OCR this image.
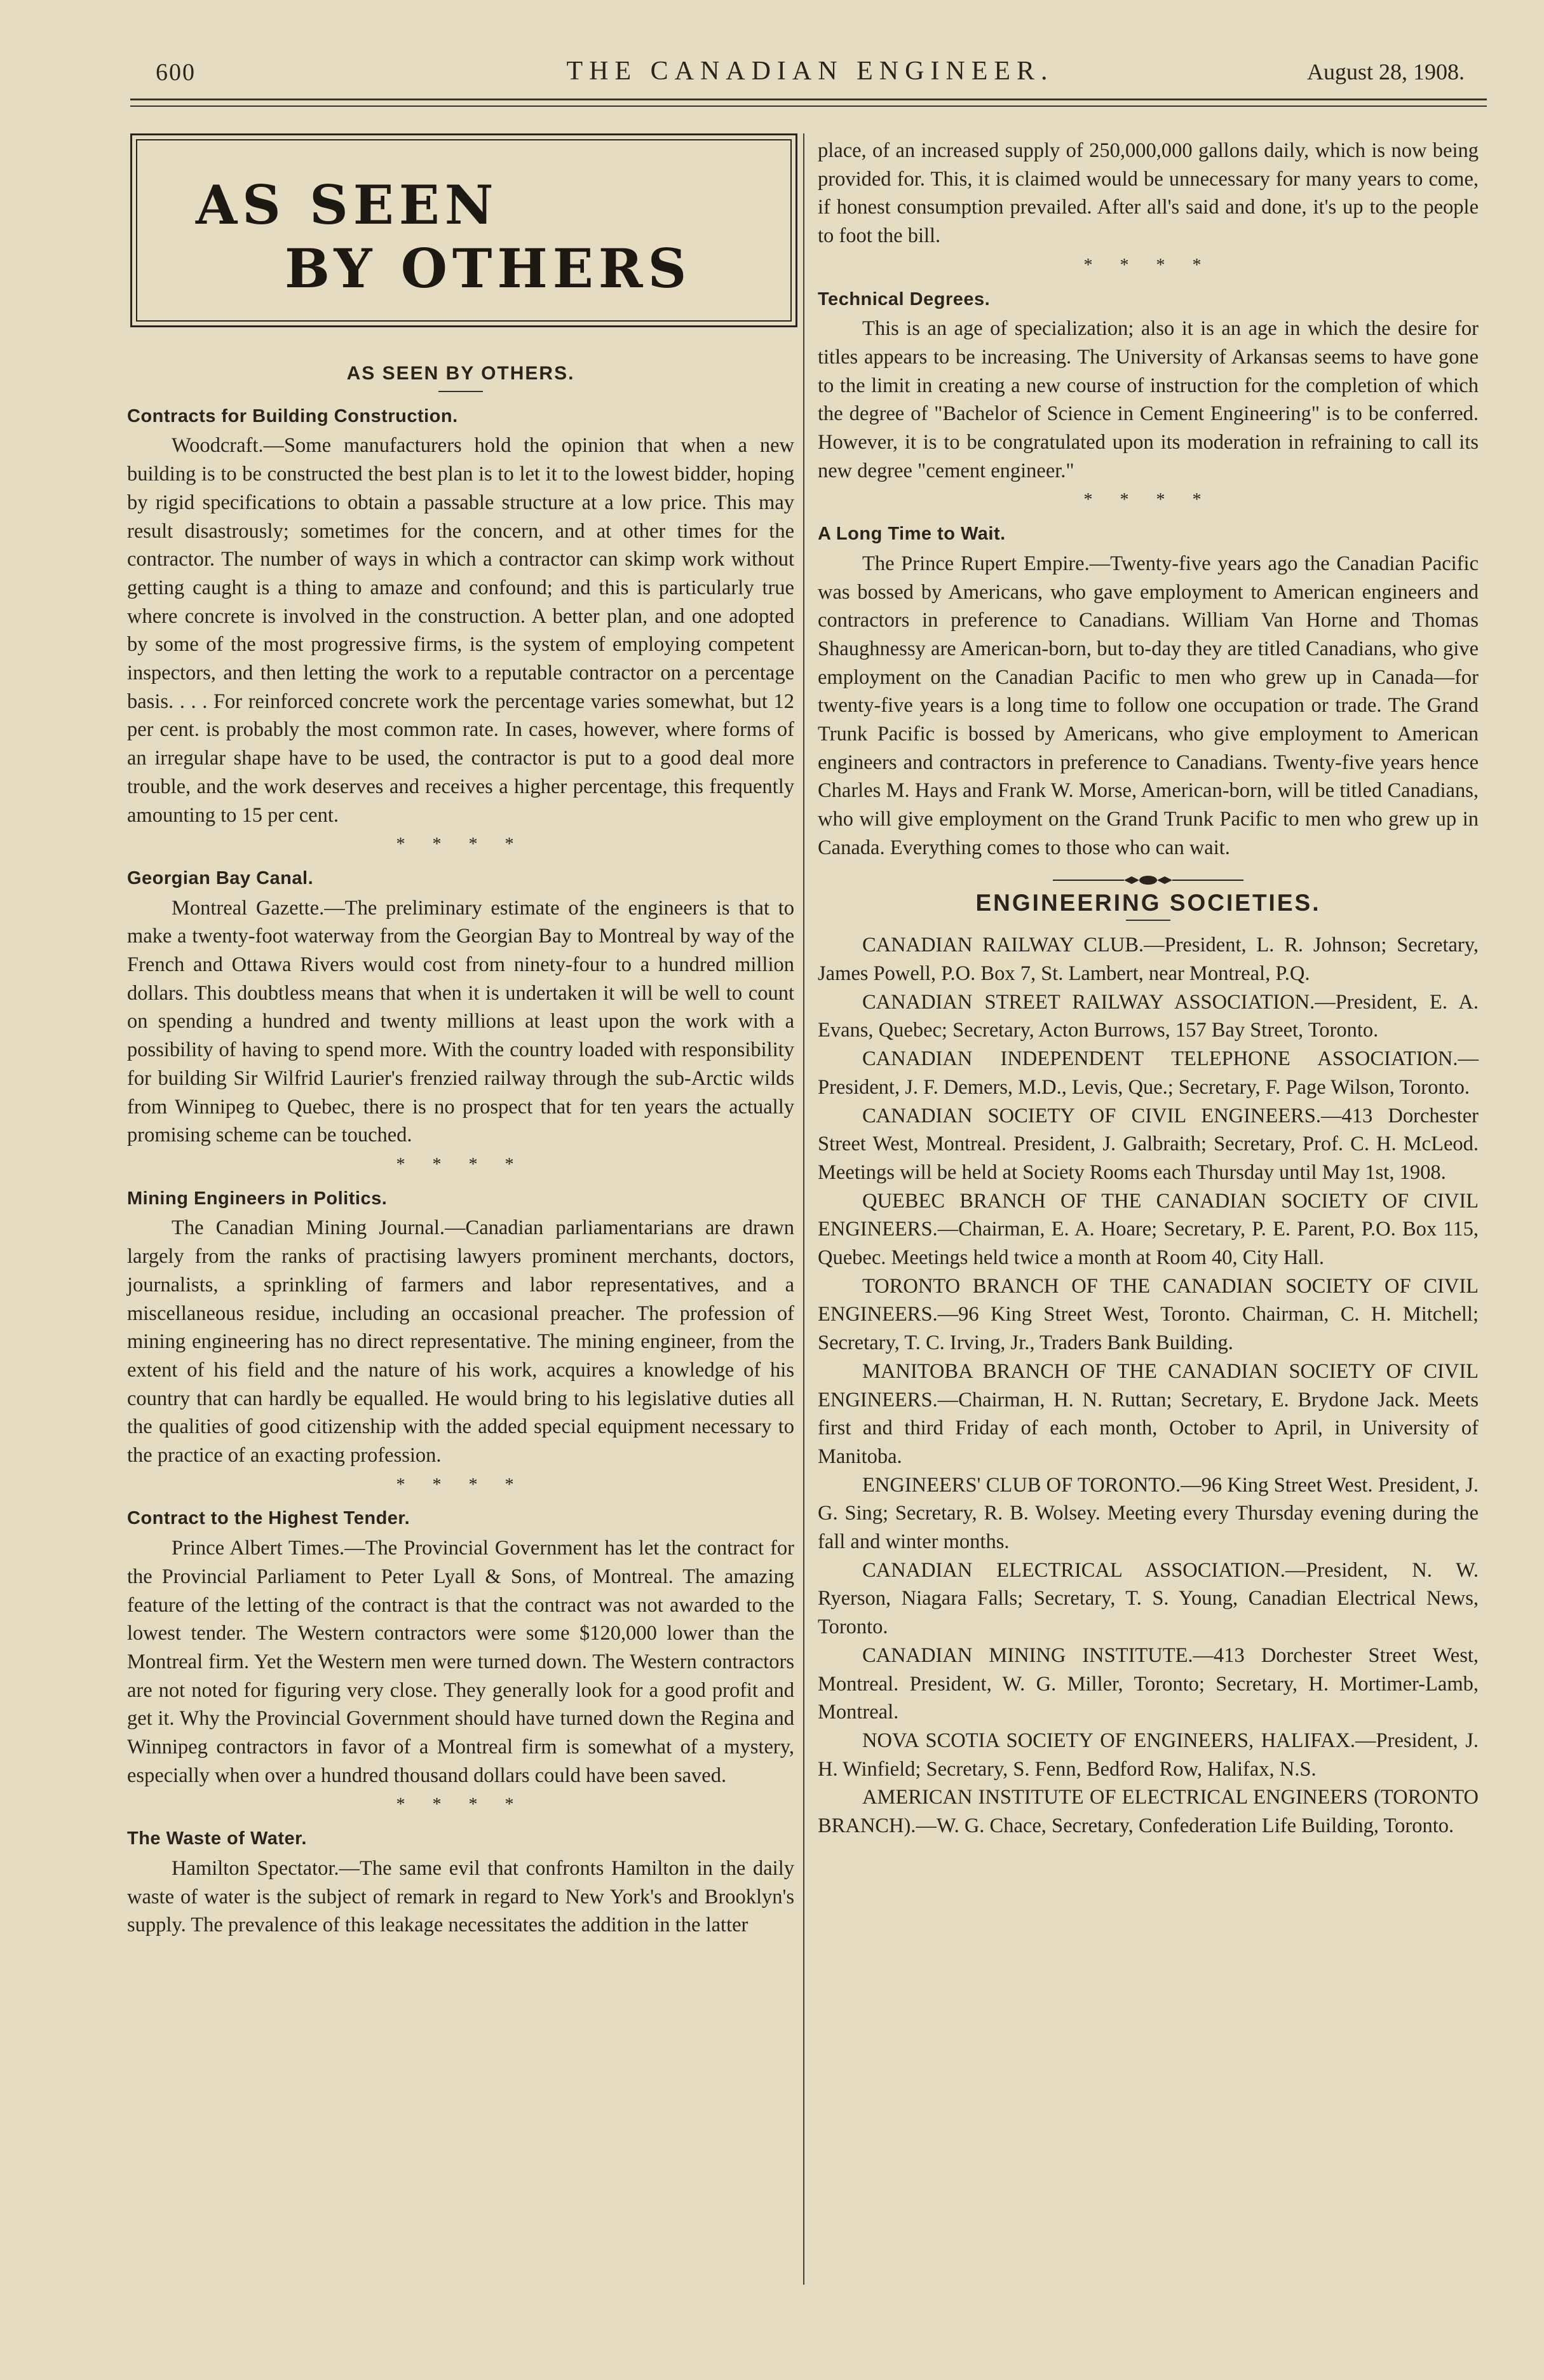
600	THE CANADIAN ENGINEER.	August 28, 1908.
AS SEEN
BY OTHERS
AS SEEN BY OTHERS.
Contracts for Building Construction.

Woodcraft.—Some manufacturers hold the opinion that when a new building is to be constructed the best plan is to let it to the lowest bidder, hoping by rigid specifications to obtain a passable structure at a low price. This may result disastrously; sometimes for the concern, and at other times for the contractor. The number of ways in which a contractor can skimp work without getting caught is a thing to amaze and confound; and this is particularly true where concrete is involved in the construction. A better plan, and one adopted by some of the most progressive firms, is the system of employing competent inspectors, and then letting the work to a reputable contractor on a percentage basis. . . . For reinforced concrete work the percentage varies somewhat, but 12 per cent. is probably the most common rate. In cases, however, where forms of an irregular shape have to be used, the contractor is put to a good deal more trouble, and the work deserves and receives a higher percentage, this frequently amounting to 15 per cent.

* * * *
Georgian Bay Canal.

Montreal Gazette.—The preliminary estimate of the engineers is that to make a twenty-foot waterway from the Georgian Bay to Montreal by way of the French and Ottawa Rivers would cost from ninety-four to a hundred million dollars. This doubtless means that when it is undertaken it will be well to count on spending a hundred and twenty millions at least upon the work with a possibility of having to spend more. With the country loaded with responsibility for building Sir Wilfrid Laurier's frenzied railway through the sub-Arctic wilds from Winnipeg to Quebec, there is no prospect that for ten years the actually promising scheme can be touched.

* * * *
Mining Engineers in Politics.

The Canadian Mining Journal.—Canadian parliamentarians are drawn largely from the ranks of practising lawyers prominent merchants, doctors, journalists, a sprinkling of farmers and labor representatives, and a miscellaneous residue, including an occasional preacher. The profession of mining engineering has no direct representative. The mining engineer, from the extent of his field and the nature of his work, acquires a knowledge of his country that can hardly be equalled. He would bring to his legislative duties all the qualities of good citizenship with the added special equipment necessary to the practice of an exacting profession.

* * * *
Contract to the Highest Tender.

Prince Albert Times.—The Provincial Government has let the contract for the Provincial Parliament to Peter Lyall & Sons, of Montreal. The amazing feature of the letting of the contract is that the contract was not awarded to the lowest tender. The Western contractors were some $120,000 lower than the Montreal firm. Yet the Western men were turned down. The Western contractors are not noted for figuring very close. They generally look for a good profit and get it. Why the Provincial Government should have turned down the Regina and Winnipeg contractors in favor of a Montreal firm is somewhat of a mystery, especially when over a hundred thousand dollars could have been saved.

* * * *
The Waste of Water.

Hamilton Spectator.—The same evil that confronts Hamilton in the daily waste of water is the subject of remark in regard to New York's and Brooklyn's supply. The prevalence of this leakage necessitates the addition in the latter

place, of an increased supply of 250,000,000 gallons daily, which is now being provided for. This, it is claimed would be unnecessary for many years to come, if honest consumption prevailed. After all's said and done, it's up to the people to foot the bill.

* * * *
Technical Degrees.

This is an age of specialization; also it is an age in which the desire for titles appears to be increasing. The University of Arkansas seems to have gone to the limit in creating a new course of instruction for the completion of which the degree of "Bachelor of Science in Cement Engineering" is to be conferred. However, it is to be congratulated upon its moderation in refraining to call its new degree "cement engineer."

* * * *
A Long Time to Wait.

The Prince Rupert Empire.—Twenty-five years ago the Canadian Pacific was bossed by Americans, who gave employment to American engineers and contractors in preference to Canadians. William Van Horne and Thomas Shaughnessy are American-born, but to-day they are titled Canadians, who give employment on the Canadian Pacific to men who grew up in Canada—for twenty-five years is a long time to follow one occupation or trade. The Grand Trunk Pacific is bossed by Americans, who give employment to American engineers and contractors in preference to Canadians. Twenty-five years hence Charles M. Hays and Frank W. Morse, American-born, will be titled Canadians, who will give employment on the Grand Trunk Pacific to men who grew up in Canada. Everything comes to those who can wait.

ENGINEERING SOCIETIES.

CANADIAN RAILWAY CLUB.—President, L. R. Johnson; Secretary, James Powell, P.O. Box 7, St. Lambert, near Montreal, P.Q.

CANADIAN STREET RAILWAY ASSOCIATION.—President, E. A. Evans, Quebec; Secretary, Acton Burrows, 157 Bay Street, Toronto.

CANADIAN INDEPENDENT TELEPHONE ASSOCIATION.—President, J. F. Demers, M.D., Levis, Que.; Secretary, F. Page Wilson, Toronto.

CANADIAN SOCIETY OF CIVIL ENGINEERS.—413 Dorchester Street West, Montreal. President, J. Galbraith; Secretary, Prof. C. H. McLeod. Meetings will be held at Society Rooms each Thursday until May 1st, 1908.

QUEBEC BRANCH OF THE CANADIAN SOCIETY OF CIVIL ENGINEERS.—Chairman, E. A. Hoare; Secretary, P. E. Parent, P.O. Box 115, Quebec. Meetings held twice a month at Room 40, City Hall.

TORONTO BRANCH OF THE CANADIAN SOCIETY OF CIVIL ENGINEERS.—96 King Street West, Toronto. Chairman, C. H. Mitchell; Secretary, T. C. Irving, Jr., Traders Bank Building.

MANITOBA BRANCH OF THE CANADIAN SOCIETY OF CIVIL ENGINEERS.—Chairman, H. N. Ruttan; Secretary, E. Brydone Jack. Meets first and third Friday of each month, October to April, in University of Manitoba.

ENGINEERS' CLUB OF TORONTO.—96 King Street West. President, J. G. Sing; Secretary, R. B. Wolsey. Meeting every Thursday evening during the fall and winter months.

CANADIAN ELECTRICAL ASSOCIATION.—President, N. W. Ryerson, Niagara Falls; Secretary, T. S. Young, Canadian Electrical News, Toronto.

CANADIAN MINING INSTITUTE.—413 Dorchester Street West, Montreal. President, W. G. Miller, Toronto; Secretary, H. Mortimer-Lamb, Montreal.

NOVA SCOTIA SOCIETY OF ENGINEERS, HALIFAX.—President, J. H. Winfield; Secretary, S. Fenn, Bedford Row, Halifax, N.S.

AMERICAN INSTITUTE OF ELECTRICAL ENGINEERS (TORONTO BRANCH).—W. G. Chace, Secretary, Confederation Life Building, Toronto.
